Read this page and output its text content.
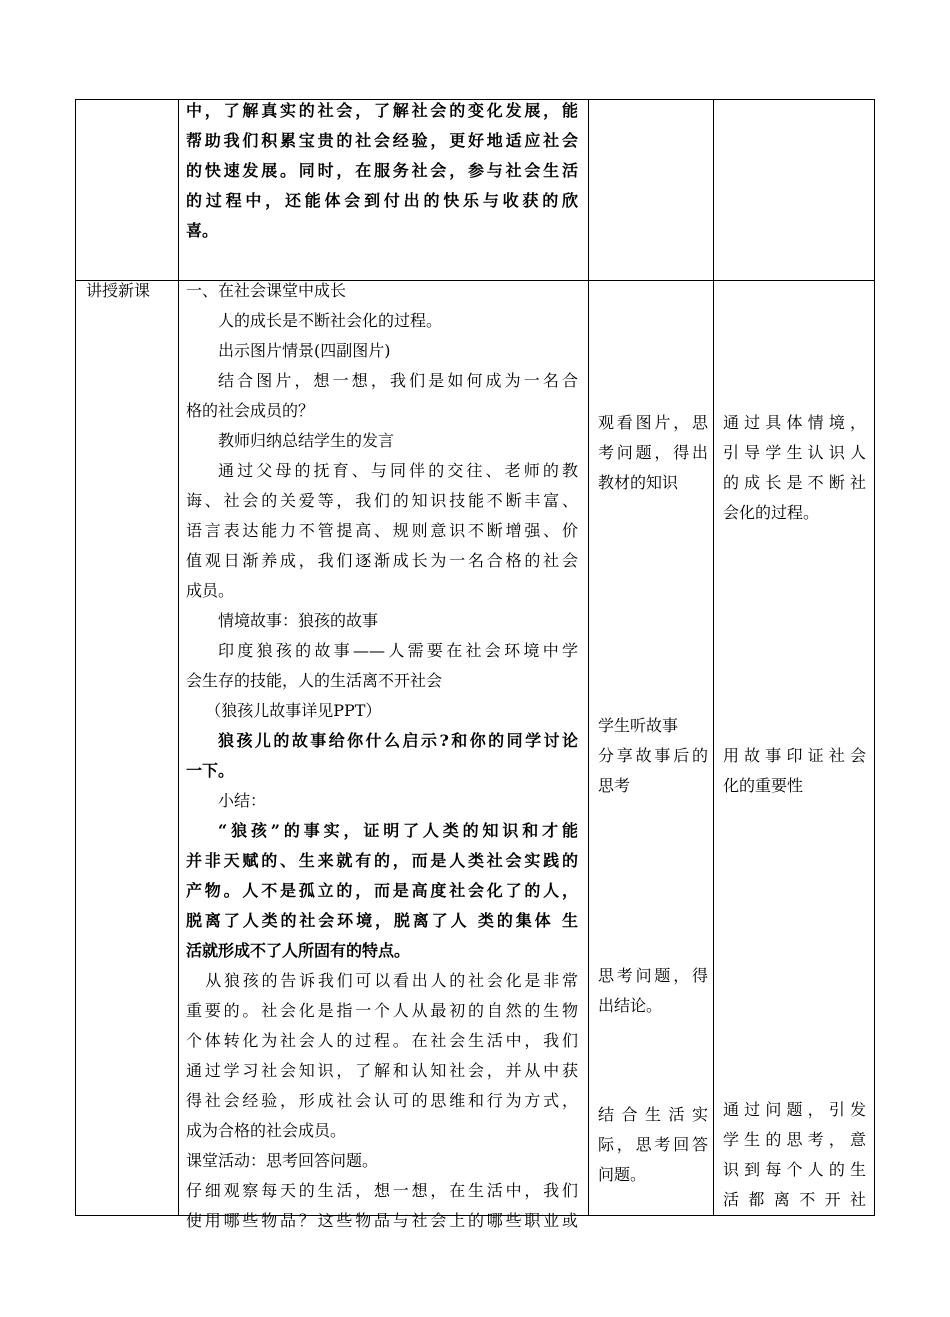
中，了解真实的社会，了解社会的变化发展，能
帮助我们积累宝贵的社会经验，更好地适应社会
的快速发展。同时，在服务社会，参与社会生活
的过程中，还能体会到付出的快乐与收获的欣
喜。
讲授新课	一、在社会课堂中成长
人的成长是不断社会化的过程。
出示图片情景(四副图片)
结合图片，想一想，我们是如何成为一名合
格的社会成员的？
教师归纳总结学生的发言
通过父母的抚育、与同伴的交往、老师的教
诲、社会的关爱等，我们的知识技能不断丰富、
语言表达能力不管提高、规则意识不断增强、价
值观日渐养成，我们逐渐成长为一名合格的社会
成员。
情境故事：狼孩的故事
印度狼孩的故事——人需要在社会环境中学
会生存的技能，人的生活离不开社会
（狼孩儿故事详见PPT）
狼孩儿的故事给你什么启示?和你的同学讨论
一下。
小结：
“狼孩”的事实，证明了人类的知识和才能
并非天赋的、生来就有的，而是人类社会实践的
产物。人不是孤立的，而是高度社会化了的人，
脱离了人类的社会环境，脱离了人 类的集体 生
活就形成不了人所固有的特点。
从狼孩的告诉我们可以看出人的社会化是非常
重要的。社会化是指一个人从最初的自然的生物
个体转化为社会人的过程。在社会生活中，我们
通过学习社会知识，了解和认知社会，并从中获
得社会经验，形成社会认可的思维和行为方式，
成为合格的社会成员。
课堂活动：思考回答问题。
仔细观察每天的生活，想一想，在生活中，我们
使用哪些物品？这些物品与社会上的哪些职业或
观看图片，思
考问题，得出
教材的知识
学生听故事
分享故事后的
思考
思考问题，得
出结论。
结合生活实
际，思考回答
问题。
通过具体情境，
引导学生认识人
的成长是不断社
会化的过程。
用故事印证社会
化的重要性
通过问题，引发
学生的思考，意
识到每个人的生
活都离不开社
